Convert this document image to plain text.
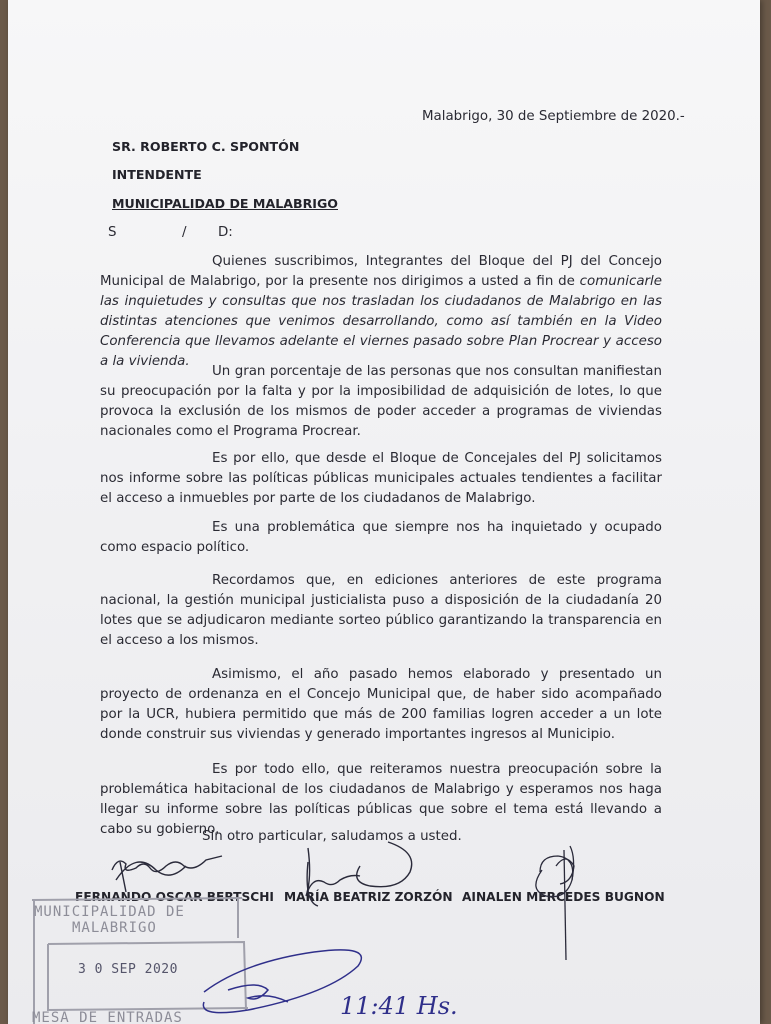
Malabrigo, 30 de Septiembre de 2020.-
SR. ROBERTO C. SPONTÓN
INTENDENTE
MUNICIPALIDAD DE MALABRIGO
S	/ D:
Quienes suscribimos, Integrantes del Bloque del PJ del Concejo Municipal de Malabrigo, por la presente nos dirigimos a usted a fin de comunicarle las inquietudes y consultas que nos trasladan los ciudadanos de Malabrigo en las distintas atenciones que venimos desarrollando, como así también en la Video Conferencia que llevamos adelante el viernes pasado sobre Plan Procrear y acceso a la vivienda.
Un gran porcentaje de las personas que nos consultan manifiestan su preocupación por la falta y por la imposibilidad de adquisición de lotes, lo que provoca la exclusión de los mismos de poder acceder a programas de viviendas nacionales como el Programa Procrear.
Es por ello, que desde el Bloque de Concejales del PJ solicitamos nos informe sobre las políticas públicas municipales actuales tendientes a facilitar el acceso a inmuebles por parte de los ciudadanos de Malabrigo.
Es una problemática que siempre nos ha inquietado y ocupado como espacio político.
Recordamos que, en ediciones anteriores de este programa nacional, la gestión municipal justicialista puso a disposición de la ciudadanía 20 lotes que se adjudicaron mediante sorteo público garantizando la transparencia en el acceso a los mismos.
Asimismo, el año pasado hemos elaborado y presentado un proyecto de ordenanza en el Concejo Municipal que, de haber sido acompañado por la UCR, hubiera permitido que más de 200 familias logren acceder a un lote donde construir sus viviendas y generado importantes ingresos al Municipio.
Es por todo ello, que reiteramos nuestra preocupación sobre la problemática habitacional de los ciudadanos de Malabrigo y esperamos nos haga llegar su informe sobre las políticas públicas que sobre el tema está llevando a cabo su gobierno.
Sin otro particular, saludamos a usted.
FERNANDO OSCAR BERTSCHI MARÍA BEATRIZ ZORZÓN AINALEN MERCEDES BUGNON
MUNICIPALIDAD DE
MALABRIGO
3 0 SEP 2020
MESA DE ENTRADAS	11:41 Hs.
